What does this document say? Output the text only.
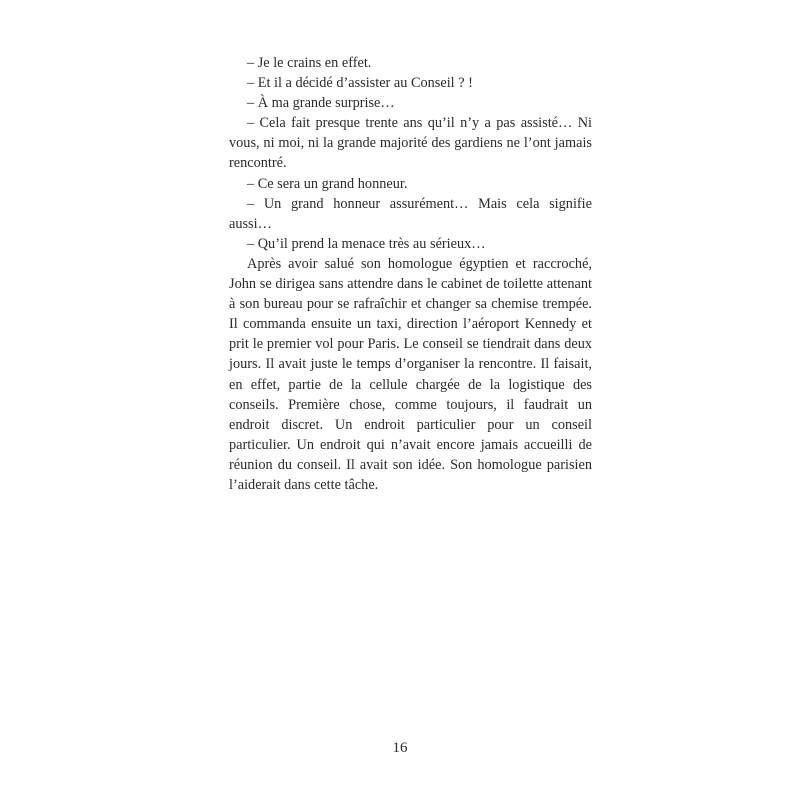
– Je le crains en effet.

– Et il a décidé d’assister au Conseil ? !

– À ma grande surprise…

– Cela fait presque trente ans qu’il n’y a pas assisté… Ni vous, ni moi, ni la grande majorité des gardiens ne l’ont jamais rencontré.

– Ce sera un grand honneur.

– Un grand honneur assurément… Mais cela signifie aussi…

– Qu’il prend la menace très au sérieux…

Après avoir salué son homologue égyptien et raccroché, John se dirigea sans attendre dans le cabinet de toilette attenant à son bureau pour se rafraîchir et changer sa chemise trempée. Il commanda ensuite un taxi, direction l’aéroport Kennedy et prit le premier vol pour Paris. Le conseil se tiendrait dans deux jours. Il avait juste le temps d’organiser la rencontre. Il faisait, en effet, partie de la cellule chargée de la logistique des conseils. Première chose, comme toujours, il faudrait un endroit discret. Un endroit particulier pour un conseil particulier. Un endroit qui n’avait encore jamais accueilli de réunion du conseil. Il avait son idée. Son homologue parisien l’aiderait dans cette tâche.

16
